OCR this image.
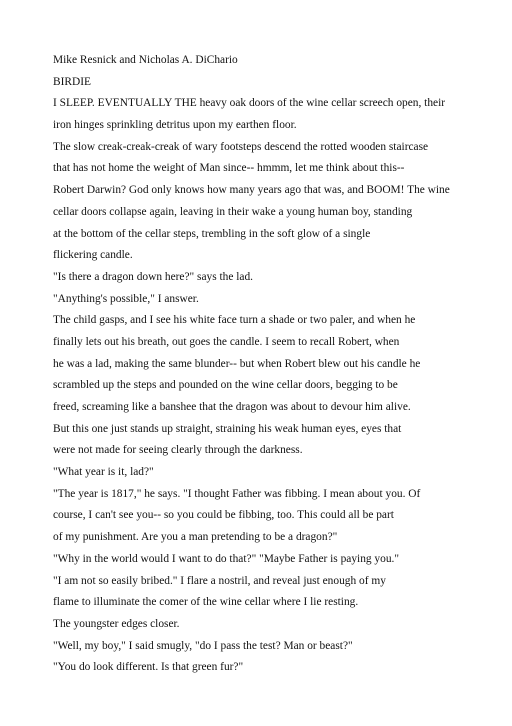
Mike Resnick and Nicholas A. DiChario
BIRDIE
I SLEEP. EVENTUALLY THE heavy oak doors of the wine cellar screech open, their
iron hinges sprinkling detritus upon my earthen floor.
The slow creak-creak-creak of wary footsteps descend the rotted wooden staircase
that has not home the weight of Man since-- hmmm, let me think about this--
Robert Darwin? God only knows how many years ago that was, and BOOM! The wine
cellar doors collapse again, leaving in their wake a young human boy, standing
at the bottom of the cellar steps, trembling in the soft glow of a single
flickering candle.
"Is there a dragon down here?" says the lad.
"Anything's possible," I answer.
The child gasps, and I see his white face turn a shade or two paler, and when he
finally lets out his breath, out goes the candle. I seem to recall Robert, when
he was a lad, making the same blunder-- but when Robert blew out his candle he
scrambled up the steps and pounded on the wine cellar doors, begging to be
freed, screaming like a banshee that the dragon was about to devour him alive.
But this one just stands up straight, straining his weak human eyes, eyes that
were not made for seeing clearly through the darkness.
"What year is it, lad?"
"The year is 1817," he says. "I thought Father was fibbing. I mean about you. Of
course, I can't see you-- so you could be fibbing, too. This could all be part
of my punishment. Are you a man pretending to be a dragon?"
"Why in the world would I want to do that?" "Maybe Father is paying you."
"I am not so easily bribed." I flare a nostril, and reveal just enough of my
flame to illuminate the comer of the wine cellar where I lie resting.
The youngster edges closer.
"Well, my boy," I said smugly, "do I pass the test? Man or beast?"
"You do look different. Is that green fur?"
